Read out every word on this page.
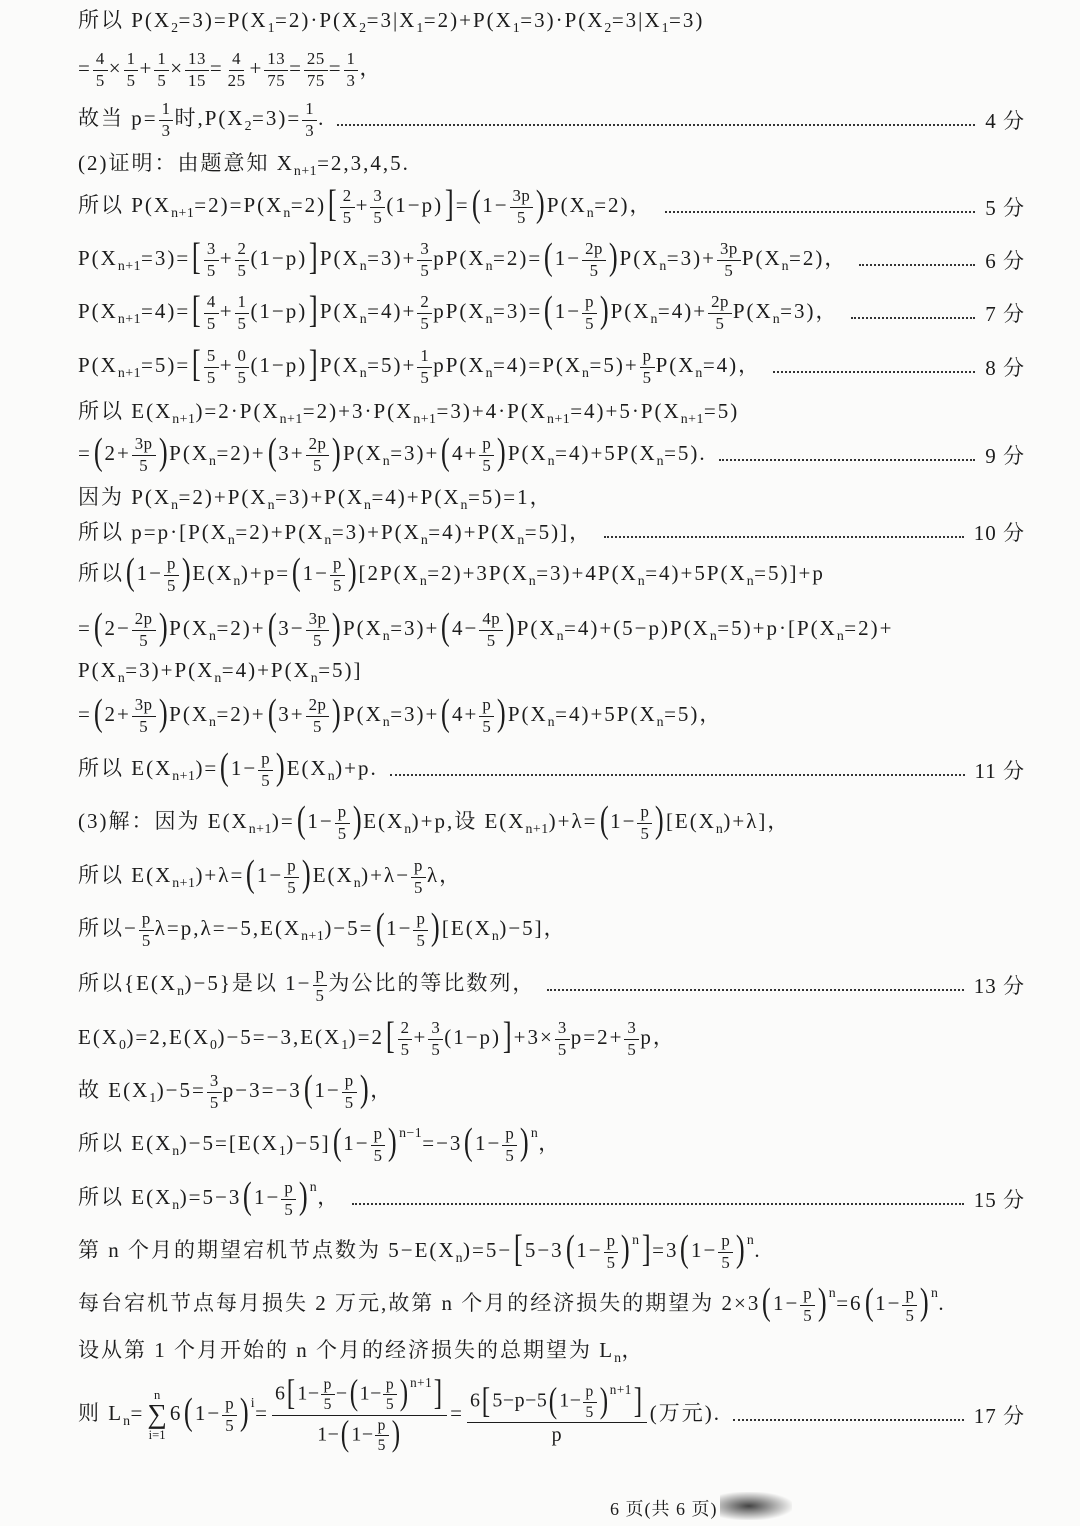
所以 $P(X_2=3)=P(X_1=2)\cdot P(X_2=3|X_1=2)+P(X_1=3)\cdot P(X_2=3|X_1=3)$
= $\frac{4}{5} \times \frac{1}{5} + \frac{1}{5} \times \frac{13}{15} = \frac{4}{25} + \frac{13}{75} = \frac{25}{75} = \frac{1}{3}$ ，
故当 $p= \frac{1}{3}$ 时$,P(X_2=3)= \frac{1}{3}$ .	4 分
(2)证明：由题意知 $X_{n+1}=2,3,4,5$.
所以 $P(X_{n+1}=2)=P(X_n=2)[ \frac{2}{5} + \frac{3}{5} (1-p)]=(1- \frac{3p}{5} )P(X_n=2)$，	5 分
$P(X_{n+1}=3)=[ \frac{3}{5} + \frac{2}{5} (1-p)]P(X_n=3)+ \frac{3}{5} pP(X_n=2)=(1- \frac{2p}{5} )P(X_n=3)+ \frac{3p}{5} P(X_n=2)$，	6 分
$P(X_{n+1}=4)=[ \frac{4}{5} + \frac{1}{5} (1-p)]P(X_n=4)+ \frac{2}{5} pP(X_n=3)=(1- \frac{p}{5} )P(X_n=4)+ \frac{2p}{5} P(X_n=3)$，	7 分
$P(X_{n+1}=5)=[ \frac{5}{5} + \frac{0}{5} (1-p)]P(X_n=5)+ \frac{1}{5} pP(X_n=4)=P(X_n=5)+ \frac{p}{5} P(X_n=4)$，	8 分
所以 $E(X_{n+1})=2\cdot P(X_{n+1}=2)+3\cdot P(X_{n+1}=3)+4\cdot P(X_{n+1}=4)+5\cdot P(X_{n+1}=5)$
$=(2+ \frac{3p}{5} )P(X_n=2)+(3+ \frac{2p}{5} )P(X_n=3)+(4+ \frac{p}{5} )P(X_n=4)+5P(X_n=5)$.	9 分
因为 $P(X_n=2)+P(X_n=3)+P(X_n=4)+P(X_n=5)=1$，
所以 $p=p\cdot[P(X_n=2)+P(X_n=3)+P(X_n=4)+P(X_n=5)]$，	10 分
所以$(1- \frac{p}{5} )E(X_n)+p=(1- \frac{p}{5} )[2P(X_n=2)+3P(X_n=3)+4P(X_n=4)+5P(X_n=5)]+p$
$=(2- \frac{2p}{5} )P(X_n=2)+(3- \frac{3p}{5} )P(X_n=3)+(4- \frac{4p}{5} )P(X_n=4)+(5-p)P(X_n=5)+p\cdot[P(X_n=2)+$
$P(X_n=3)+P(X_n=4)+P(X_n=5)$]
$=(2+ \frac{3p}{5} )P(X_n=2)+(3+ \frac{2p}{5} )P(X_n=3)+(4+ \frac{p}{5} )P(X_n=4)+5P(X_n=5)$，
所以 $E(X_{n+1})=(1- \frac{p}{5} )E(X_n)+p$.	11 分
(3)解：因为 $E(X_{n+1})=(1- \frac{p}{5} )E(X_n)+p$,设 $E(X_{n+1})+\lambda=(1- \frac{p}{5} )[E(X_n)+\lambda]$，
所以 $E(X_{n+1})+\lambda=(1- \frac{p}{5} )E(X_n)+\lambda- \frac{p}{5}$ λ，
所以− $\frac{p}{5} \lambda=p,\lambda=-5,E(X_{n+1})-5=(1- \frac{p}{5} )[E(X_n)-5]$，
所以$\{E(X_n)-5\}$是以 $1- \frac{p}{5}$ 为公比的等比数列，	13 分
$E(X_0)=2,E(X_0)-5=-3,E(X_1)=2[ \frac{2}{5} + \frac{3}{5} (1-p)]+3\times \frac{3}{5} p=2+ \frac{3}{5}$ p，
故 $E(X_1)-5= \frac{3}{5} p-3=-3(1- \frac{p}{5}$ )，
所以 $E(X_n)-5=[E(X_1)-5](1- \frac{p}{5}$ ) $^{n-1}=-3(1- \frac{p}{5}$ ) $^n$，
所以 $E(X_n)=5-3(1- \frac{p}{5}$ ) $^n$，	15 分
第 n 个月的期望宕机节点数为 $5-E(X_n)=5-[5-3(1- \frac{p}{5}$ ) $^n]=3(1- \frac{p}{5}$ ) $^n$.
每台宕机节点每月损失 2 万元,故第 n 个月的经济损失的期望为 $2\times 3(1- \frac{p}{5}$ ) $^n=6(1- \frac{p}{5}$ ) $^n$.
设从第 1 个月开始的 n 个月的经济损失的总期望为 $L_n$，
则 $L_n=$
n
∑
i=1
$6(1- \frac{p}{5}$ ) $^i= \frac{6[1- \frac{p}{5} -(1- \frac{p}{5} ) ^{n+1}]}{1-(1- \frac{p}{5} )} = \frac{6[5-p-5(1- \frac{p}{5} ) ^{n+1}]}{p}$ (万元).	17 分
6 页(共 6 页)
